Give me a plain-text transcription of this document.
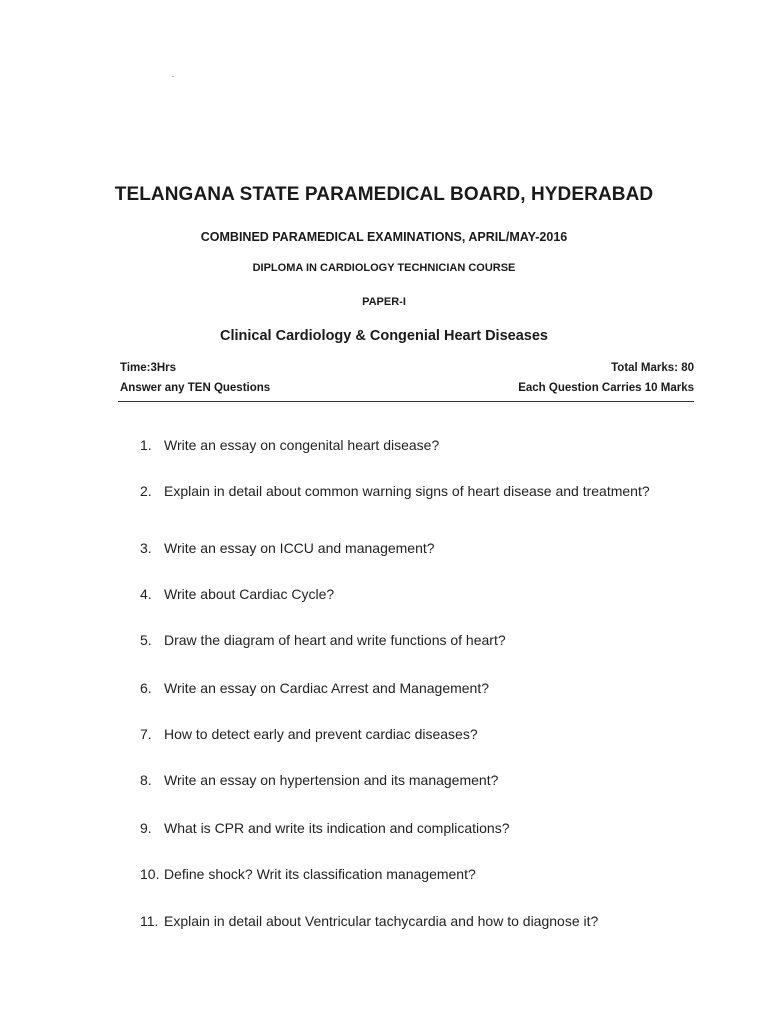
TELANGANA STATE PARAMEDICAL BOARD, HYDERABAD
COMBINED PARAMEDICAL EXAMINATIONS, APRIL/MAY-2016
DIPLOMA IN CARDIOLOGY TECHNICIAN COURSE
PAPER-I
Clinical Cardiology & Congenial Heart Diseases
Time:3Hrs	Total Marks: 80
Answer any TEN Questions	Each Question Carries 10 Marks
1. Write an essay on congenital heart disease?
2. Explain in detail about common warning signs of heart disease and treatment?
3. Write an essay on ICCU and management?
4. Write about Cardiac Cycle?
5. Draw the diagram of heart and write functions of heart?
6. Write an essay on Cardiac Arrest and Management?
7. How to detect early and prevent cardiac diseases?
8. Write an essay on hypertension and its management?
9. What is CPR and write its indication and complications?
10. Define shock? Writ its classification management?
11. Explain in detail about Ventricular tachycardia and how to diagnose it?
